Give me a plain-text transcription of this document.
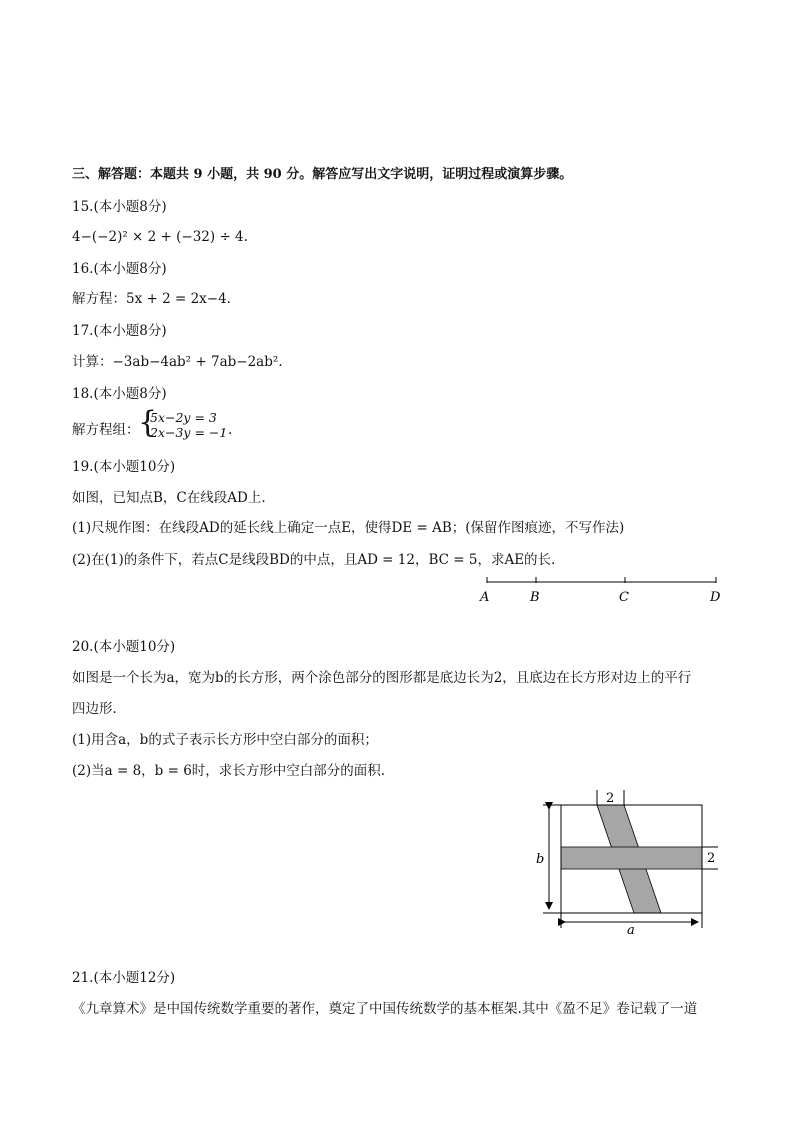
三、解答题：本题共 9 小题，共 90 分。解答应写出文字说明，证明过程或演算步骤。
15.(本小题8分)
4−(−2)² × 2 + (−32) ÷ 4.
16.(本小题8分)
解方程：5x + 2 = 2x−4.
17.(本小题8分)
计算：−3ab−4ab² + 7ab−2ab².
18.(本小题8分)
解方程组：
{
5x−2y = 3
2x−3y = −1 .
19.(本小题10分)
如图，已知点B，C在线段AD上.
(1)尺规作图：在线段AD的延长线上确定一点E，使得DE = AB；(保留作图痕迹，不写作法)
(2)在(1)的条件下，若点C是线段BD的中点，且AD = 12，BC = 5，求AE的长.
A	B	C	D
20.(本小题10分)
如图是一个长为a，宽为b的长方形，两个涂色部分的图形都是底边长为2，且底边在长方形对边上的平行
四边形.
(1)用含a，b的式子表示长方形中空白部分的面积；
(2)当a = 8，b = 6时，求长方形中空白部分的面积.
2
2
b
a
21.(本小题12分)
《九章算术》是中国传统数学重要的著作，奠定了中国传统数学的基本框架.其中《盈不足》卷记载了一道
